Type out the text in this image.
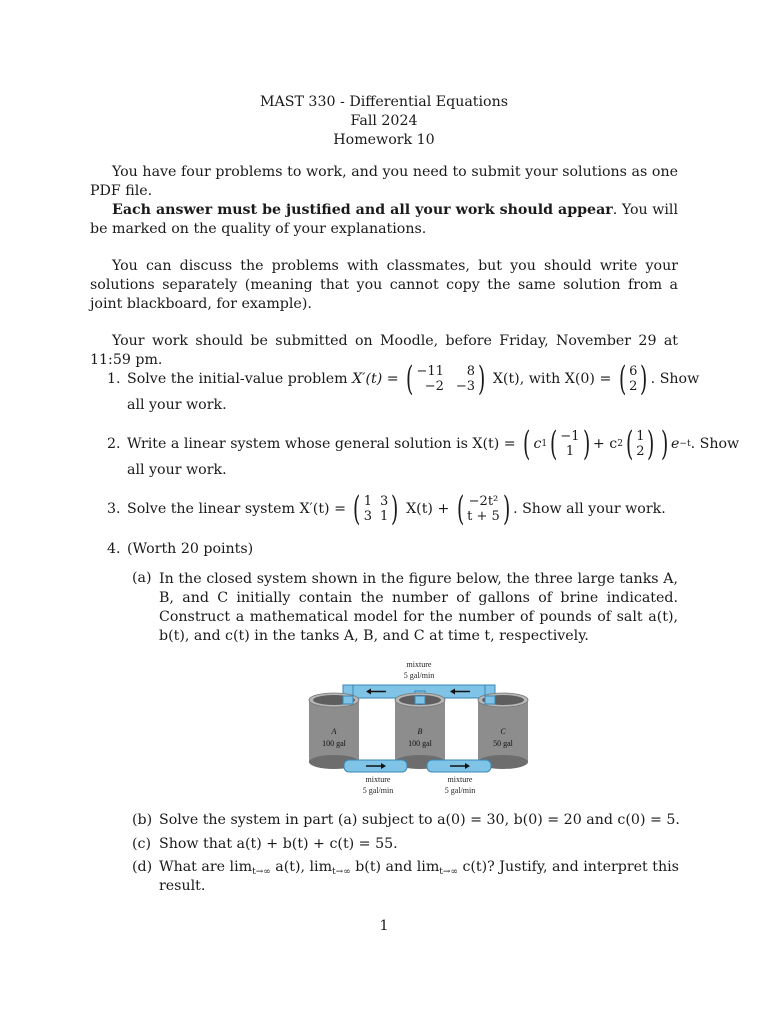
MAST 330 - Differential Equations
Fall 2024
Homework 10
You have four problems to work, and you need to submit your solutions as one PDF file.
Each answer must be justified and all your work should appear. You will be marked on the quality of your explanations.
You can discuss the problems with classmates, but you should write your solutions separately (meaning that you cannot copy the same solution from a joint blackboard, for example).
Your work should be submitted on Moodle, before Friday, November 29 at 11:59 pm.
1. Solve the initial-value problem
X′(t) =
( −11	8
−2 −3 )
X(t), with X(0) =
( 6
2 ) . Show
all your work.
2. Write a linear system whose general solution is X(t) =
( c 1 ( −1
1 ) + c 2 ( 1
2 ) ) e −t . Show
all your work.
3. Solve the linear system X′(t) =
( 1 3
3 1 )
X(t) +
( −2t²
t + 5 ) . Show all your work.
4. (Worth 20 points)
(a) In the closed system shown in the figure below, the three large tanks A, B, and C initially contain the number of gallons of brine indicated. Construct a mathematical model for the number of pounds of salt a(t), b(t), and c(t) in the tanks A, B, and C at time t, respectively.
mixture
5 gal/min
A
100 gal
B
100 gal
C
50 gal
mixture
5 gal/min
mixture
5 gal/min
(b) Solve the system in part (a) subject to a(0) = 30, b(0) = 20 and c(0) = 5.
(c) Show that a(t) + b(t) + c(t) = 55.
(d) What are $\lim_{t\to\infty} a(t)$, $\lim_{t\to\infty} b(t)$ and $\lim_{t\to\infty} c(t)$? Justify, and interpret this
result.
1
